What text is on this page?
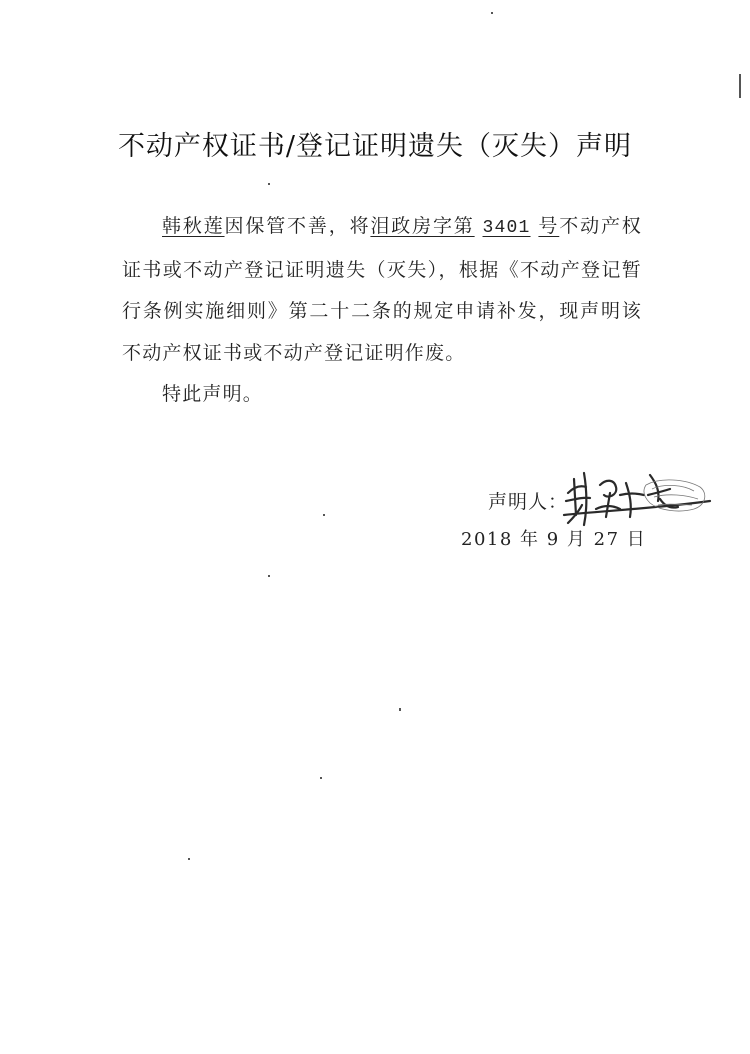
不动产权证书/登记证明遗失（灭失）声明

韩秋莲因保管不善，将泪政房字第 3401 号不动产权证书或不动产登记证明遗失（灭失），根据《不动产登记暂行条例实施细则》第二十二条的规定申请补发，现声明该不动产权证书或不动产登记证明作废。

特此声明。

声明人：
2018 年 9 月 27 日
